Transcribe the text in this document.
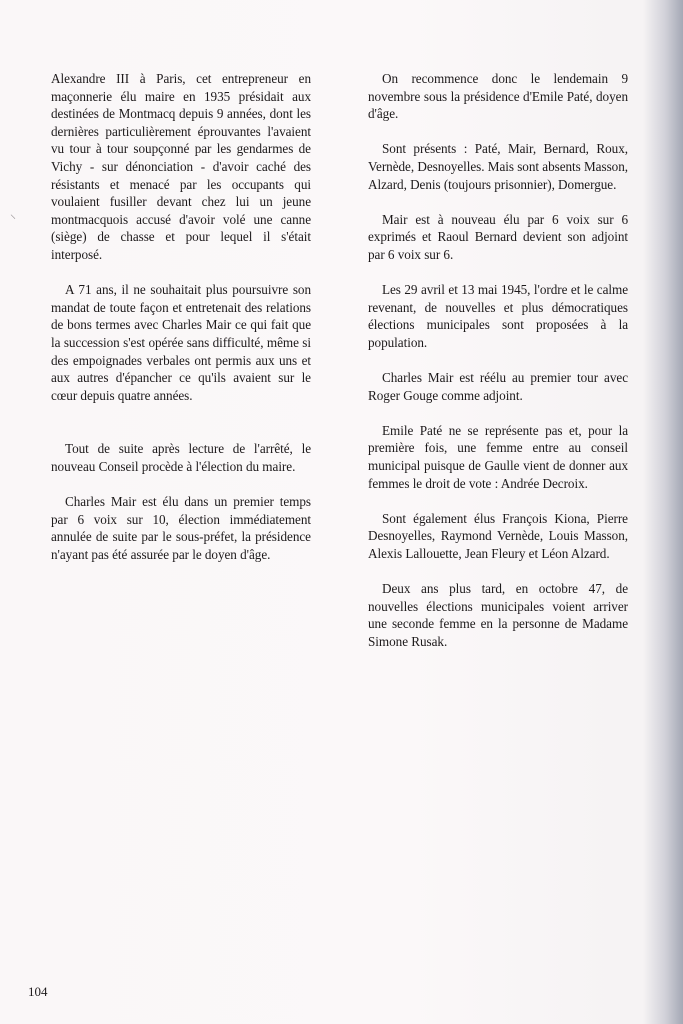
⸜

Alexandre III à Paris, cet entrepreneur en maçonnerie élu maire en 1935 présidait aux destinées de Montmacq depuis 9 années, dont les dernières particulièrement éprouvantes l'avaient vu tour à tour soupçonné par les gendarmes de Vichy - sur dénonciation - d'avoir caché des résistants et menacé par les occupants qui voulaient fusiller devant chez lui un jeune montmacquois accusé d'avoir volé une canne (siège) de chasse et pour lequel il s'était interposé.

A 71 ans, il ne souhaitait plus poursuivre son mandat de toute façon et entretenait des relations de bons termes avec Charles Mair ce qui fait que la succession s'est opérée sans difficulté, même si des empoignades verbales ont permis aux uns et aux autres d'épancher ce qu'ils avaient sur le cœur depuis quatre années.

Tout de suite après lecture de l'arrêté, le nouveau Conseil procède à l'élection du maire.

Charles Mair est élu dans un premier temps par 6 voix sur 10, élection immédiatement annulée de suite par le sous-préfet, la présidence n'ayant pas été assurée par le doyen d'âge.

On recommence donc le lendemain 9 novembre sous la présidence d'Emile Paté, doyen d'âge.

Sont présents : Paté, Mair, Bernard, Roux, Vernède, Desnoyelles. Mais sont absents Masson, Alzard, Denis (toujours prisonnier), Domergue.

Mair est à nouveau élu par 6 voix sur 6 exprimés et Raoul Bernard devient son adjoint par 6 voix sur 6.

Les 29 avril et 13 mai 1945, l'ordre et le calme revenant, de nouvelles et plus démocratiques élections municipales sont proposées à la population.

Charles Mair est réélu au premier tour avec Roger Gouge comme adjoint.

Emile Paté ne se représente pas et, pour la première fois, une femme entre au conseil municipal puisque de Gaulle vient de donner aux femmes le droit de vote : Andrée Decroix.

Sont également élus François Kiona, Pierre Desnoyelles, Raymond Vernède, Louis Masson, Alexis Lallouette, Jean Fleury et Léon Alzard.

Deux ans plus tard, en octobre 47, de nouvelles élections municipales voient arriver une seconde femme en la personne de Madame Simone Rusak.

104
